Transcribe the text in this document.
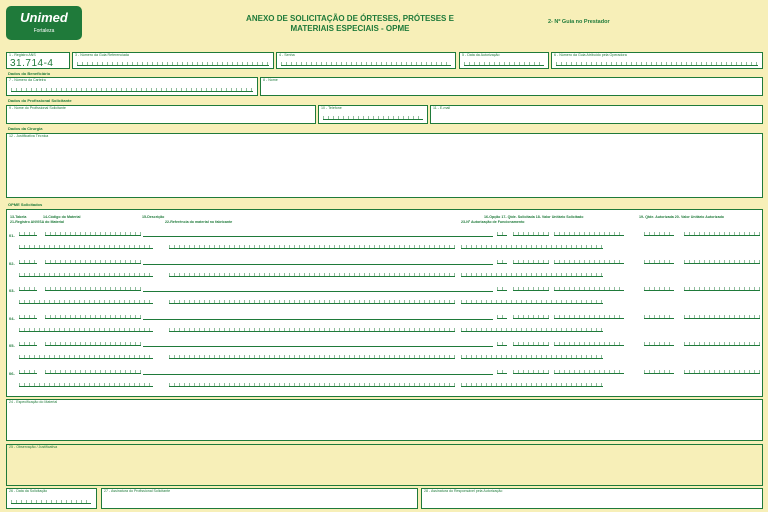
Unimed
Fortaleza
ANEXO DE SOLICITAÇÃO DE ÓRTESES, PRÓTESES E
MATERIAIS ESPECIAIS - OPME
2- Nº Guia no Prestador
1 - Registro ANS
31.714-4
3 - Número da Guia Referenciada	4 - Senha	5 - Data da Autorização	6 - Número da Guia Atribuído pela Operadora
Dados do Beneficiário
7 - Número da Carteira	8 - Nome
Dados do Profissional Solicitante
9 - Nome do Profissional Solicitante	10 - Telefone	11 - E-mail
Dados da Cirurgia
12 - Justificativa Técnica
OPME Solicitados
13-Tabela	14-Código do Material	15-Descrição	16-Opção 17- Qtde. Solicitada 18- Valor Unitário Solicitado	19- Qtde. Autorizada 20- Valor Unitário Autorizado
21-Registro ANVISA do Material	22-Referência do material no fabricante	23-Nº Autorização de Funcionamento
01-
02-
03-
04-
05-
06-
24 - Especificação do Material
25 - Observação / Justificativa
26 - Data da Solicitação	27 - Assinatura do Profissional Solicitante	28 - Assinatura do Responsável pela Autorização
